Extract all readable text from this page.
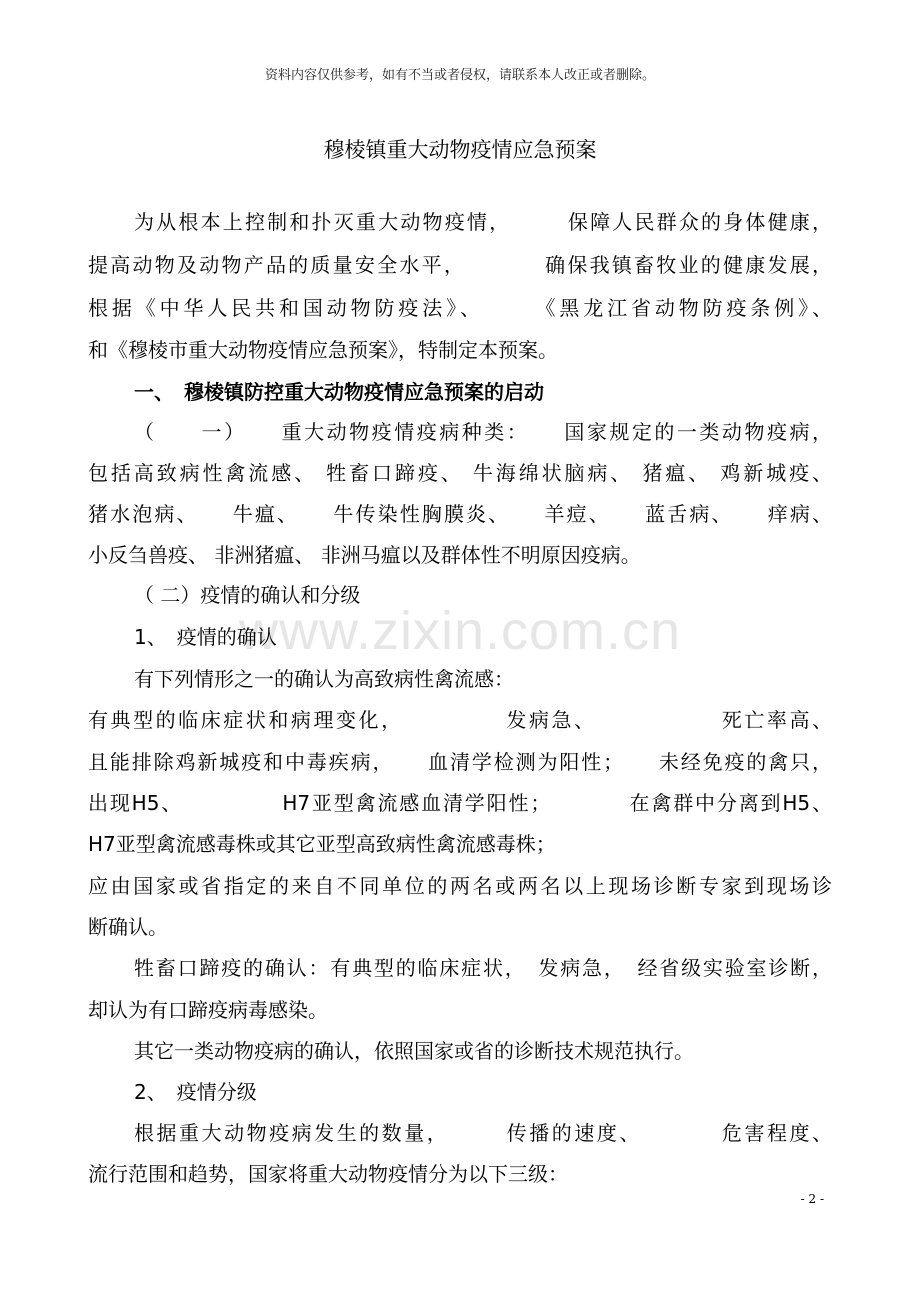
资料内容仅供参考，如有不当或者侵权，请联系本人改正或者删除。
穆棱镇重大动物疫情应急预案
www.zixin.com.cn
为从根本上控制和扑灭重大动物疫情，　　　保障人民群众的身体健康，
提高动物及动物产品的质量安全水平，　　　　确保我镇畜牧业的健康发展，
根据《中华人民共和国动物防疫法》、　　　《黑龙江省动物防疫条例》、
和《穆棱市重大动物疫情应急预案》，特制定本预案。
一、　穆棱镇防控重大动物疫情应急预案的启动
（　　一）　　重大动物疫情疫病种类：　　国家规定的一类动物疫病，
包括高致病性禽流感、 牲畜口蹄疫、 牛海绵状脑病、 猪瘟、 鸡新城疫、
猪水泡病、　　牛瘟、　　牛传染性胸膜炎、　　羊痘、　　蓝舌病、　　痒病、
小反刍兽疫、 非洲猪瘟、 非洲马瘟以及群体性不明原因疫病。
（ 二）疫情的确认和分级
1、　疫情的确认
有下列情形之一的确认为高致病性禽流感：
有典型的临床症状和病理变化，　　　　　发病急、　　　　　　死亡率高、
且能排除鸡新城疫和中毒疾病，　　血清学检测为阳性；　　未经免疫的禽只，
出现H5、　　　　　H7亚型禽流感血清学阳性；　　　　在禽群中分离到H5、
H7亚型禽流感毒株或其它亚型高致病性禽流感毒株；
应由国家或省指定的来自不同单位的两名或两名以上现场诊断专家到现场诊
断确认。
牲畜口蹄疫的确认：有典型的临床症状，　发病急，　经省级实验室诊断，
却认为有口蹄疫病毒感染。
其它一类动物疫病的确认，依照国家或省的诊断技术规范执行。
2、　疫情分级
根据重大动物疫病发生的数量，　　　传播的速度、　　　　危害程度、
流行范围和趋势，国家将重大动物疫情分为以下三级：
- 2 -
